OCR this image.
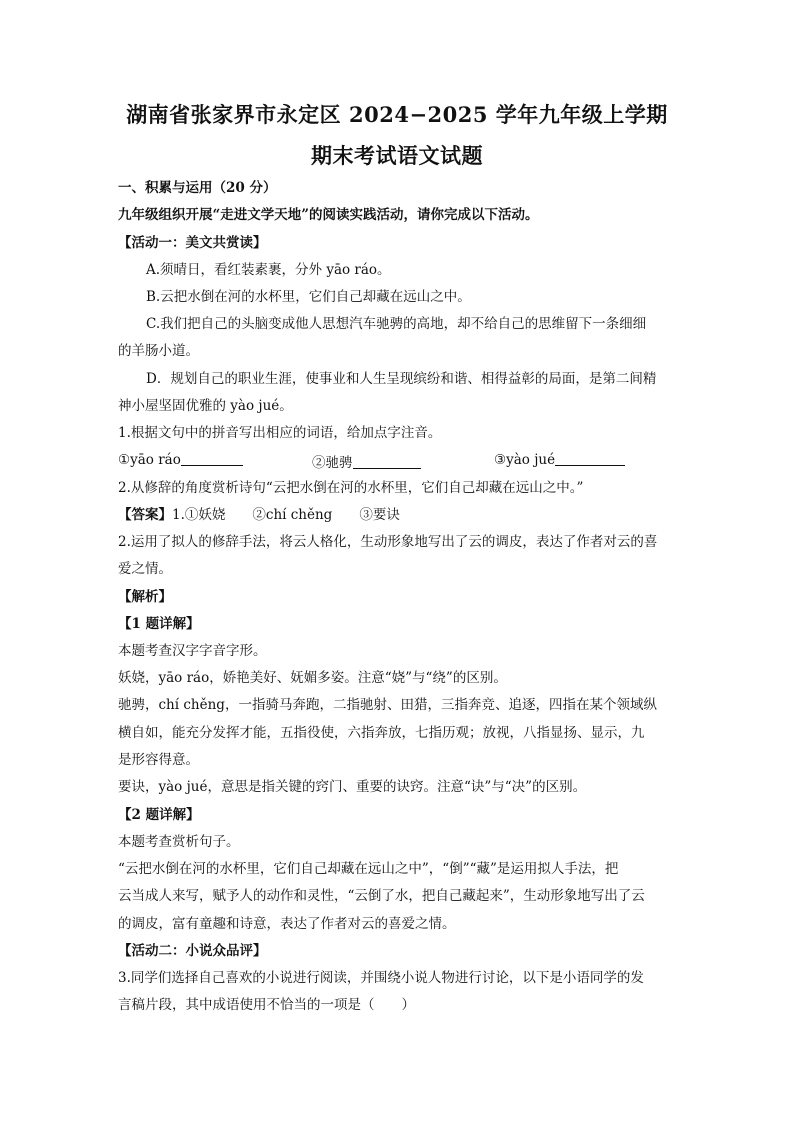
湖南省张家界市永定区 2024−2025 学年九年级上学期
期末考试语文试题
一、积累与运用（20 分）
九年级组织开展“走进文学天地”的阅读实践活动，请你完成以下活动。
【活动一：美文共赏读】
A.须晴日，看红装素裹，分外 yāo ráo。
B.云把水倒在河的水杯里，它们自己却藏在远山之中。
C.我们把自己的头脑变成他人思想汽车驰骋的高地，却不给自己的思维留下一条细细
的羊肠小道。
D．规划自己的职业生涯，使事业和人生呈现缤纷和谐、相得益彰的局面，是第二间精
神小屋坚固优雅的 yào jué。
1.根据文句中的拼音写出相应的词语，给加点字注音。
①yāo ráo	②驰骋	③yào jué
2.从修辞的角度赏析诗句“云把水倒在河的水杯里，它们自己却藏在远山之中。”
【答案】1.①妖娆　　②chí chěng　　③要诀
2.运用了拟人的修辞手法，将云人格化，生动形象地写出了云的调皮，表达了作者对云的喜
爱之情。
【解析】
【1 题详解】
本题考查汉字字音字形。
妖娆，yāo ráo，娇艳美好、妩媚多姿。注意“娆”与“绕”的区别。
驰骋，chí chěng，一指骑马奔跑，二指驰射、田猎，三指奔竞、追逐，四指在某个领域纵
横自如，能充分发挥才能，五指役使，六指奔放，七指历观；放视，八指显扬、显示，九
是形容得意。
要诀，yào jué，意思是指关键的窍门、重要的诀窍。注意“诀”与“决”的区别。
【2 题详解】
本题考查赏析句子。
“云把水倒在河的水杯里，它们自己却藏在远山之中”，“倒”“藏”是运用拟人手法，把
云当成人来写，赋予人的动作和灵性，“云倒了水，把自己藏起来”，生动形象地写出了云
的调皮，富有童趣和诗意，表达了作者对云的喜爱之情。
【活动二：小说众品评】
3.同学们选择自己喜欢的小说进行阅读，并围绕小说人物进行讨论，以下是小语同学的发
言稿片段，其中成语使用不恰当的一项是（　　）
